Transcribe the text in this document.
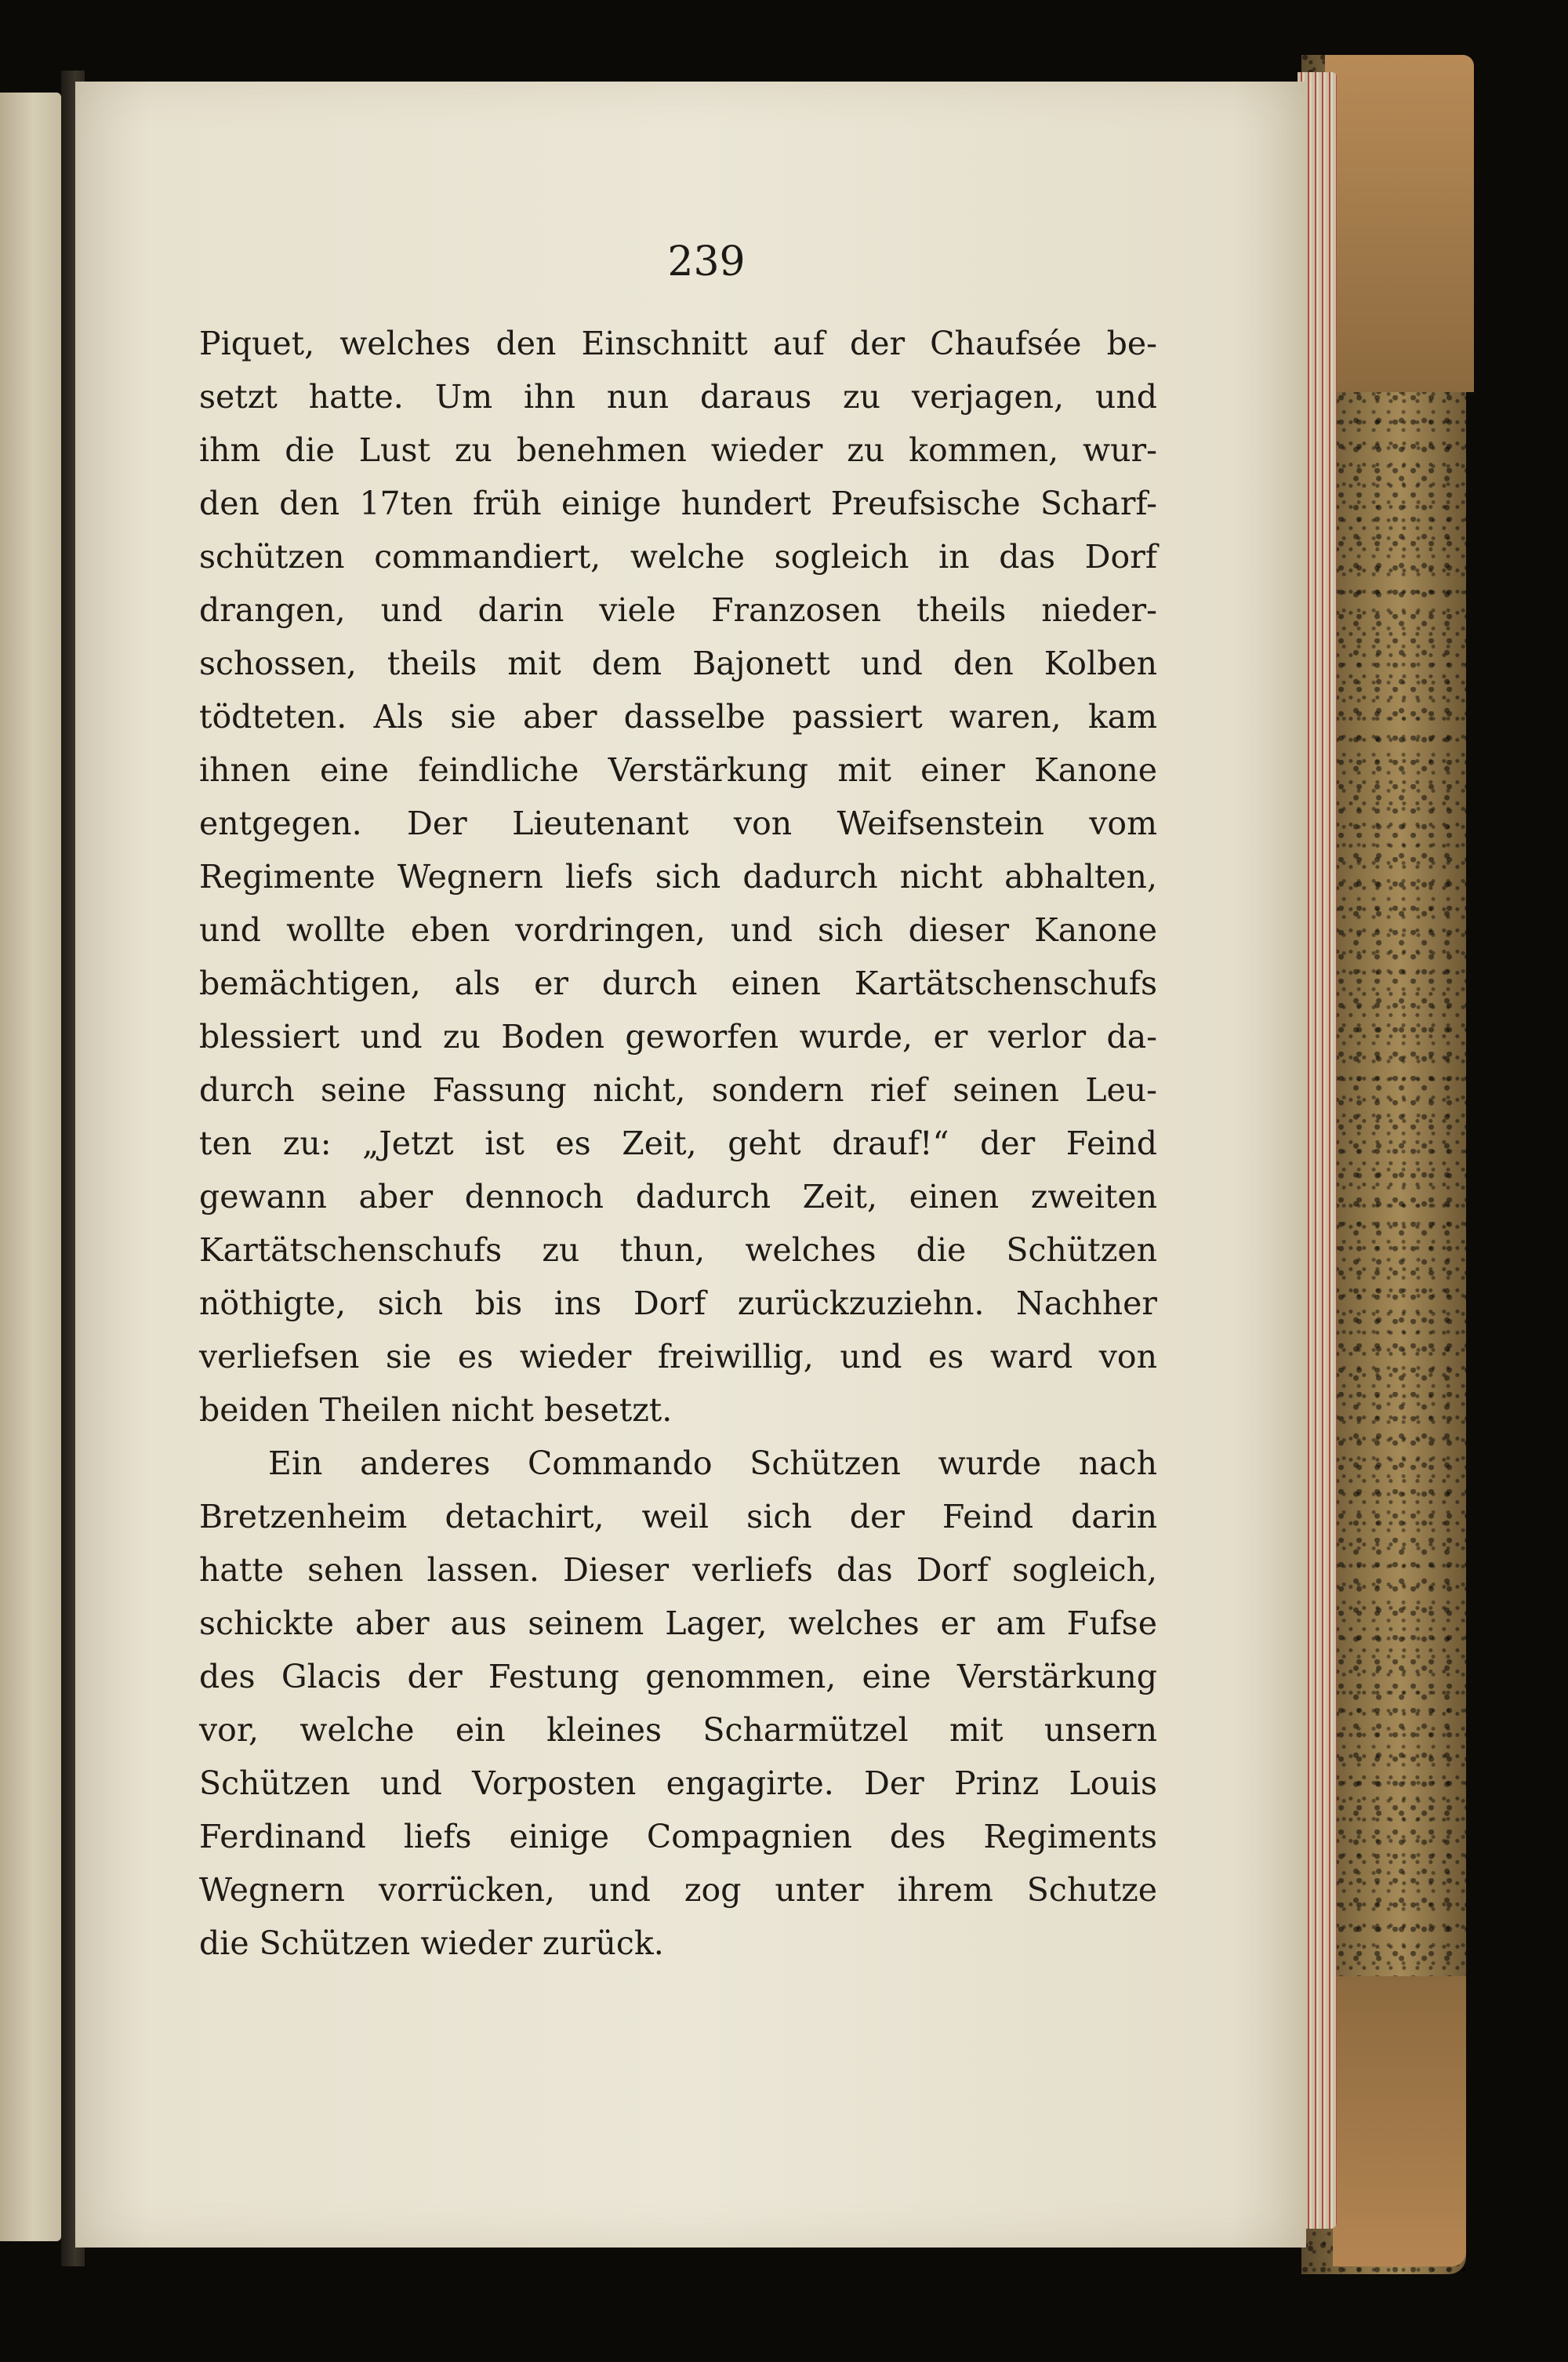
239

Piquet, welches den Einschnitt auf der Chaufsée be-
setzt hatte. Um ihn nun daraus zu verjagen, und
ihm die Lust zu benehmen wieder zu kommen, wur-
den den 17ten früh einige hundert Preufsische Scharf-
schützen commandiert, welche sogleich in das Dorf
drangen, und darin viele Franzosen theils nieder-
schossen, theils mit dem Bajonett und den Kolben
tödteten. Als sie aber dasselbe passiert waren, kam
ihnen eine feindliche Verstärkung mit einer Kanone
entgegen. Der Lieutenant von Weifsenstein vom
Regimente Wegnern liefs sich dadurch nicht abhalten,
und wollte eben vordringen, und sich dieser Kanone
bemächtigen, als er durch einen Kartätschenschufs
blessiert und zu Boden geworfen wurde, er verlor da-
durch seine Fassung nicht, sondern rief seinen Leu-
ten zu: „Jetzt ist es Zeit, geht drauf!“ der Feind
gewann aber dennoch dadurch Zeit, einen zweiten
Kartätschenschufs zu thun, welches die Schützen
nöthigte, sich bis ins Dorf zurückzuziehn. Nachher
verliefsen sie es wieder freiwillig, und es ward von
beiden Theilen nicht besetzt.
Ein anderes Commando Schützen wurde nach
Bretzenheim detachirt, weil sich der Feind darin
hatte sehen lassen. Dieser verliefs das Dorf sogleich,
schickte aber aus seinem Lager, welches er am Fufse
des Glacis der Festung genommen, eine Verstärkung
vor, welche ein kleines Scharmützel mit unsern
Schützen und Vorposten engagirte. Der Prinz Louis
Ferdinand liefs einige Compagnien des Regiments
Wegnern vorrücken, und zog unter ihrem Schutze
die Schützen wieder zurück.
